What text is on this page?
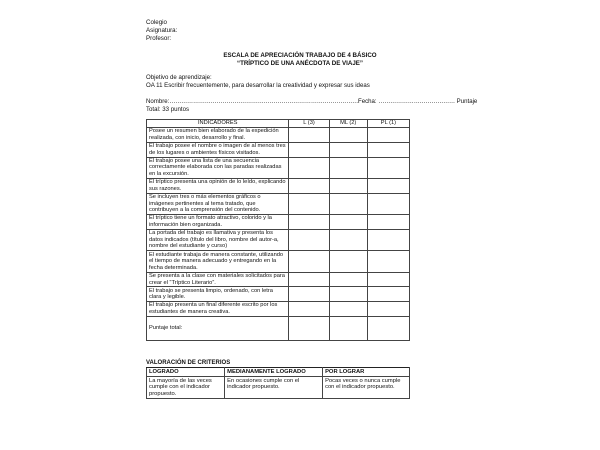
Colegio
Asignatura:
Profesor:
ESCALA DE APRECIACIÓN TRABAJO DE 4 BÁSICO
“TRÍPTICO DE UNA ANÉCDOTA DE VIAJE”
Objetivo de aprendizaje:
OA 11 Escribir frecuentemente, para desarrollar la creatividad y expresar sus ideas
Nombre:……………………………………………………………………………………Fecha: ………………………………… Puntaje
Total: 33 puntos
INDICADORES	L (3)	ML (2)	PL (1)
Posee un resumen bien elaborado de la expedición realizada, con inicio, desarrollo y final.			
El trabajo posee el nombre o imagen de al menos tres de los lugares o ambientes físicos visitados.			
El trabajo posee una lista de una secuencia correctamente elaborada con las paradas realizadas en la excursión.			
El tríptico presenta una opinión de lo leído, explicando sus razones.			
Se incluyen tres o más elementos gráficos o imágenes pertinentes al tema tratado, que contribuyen a la comprensión del contenido.			
El tríptico tiene un formato atractivo, colorido y la información bien organizada.			
La portada del trabajo es llamativa y presenta los datos indicados (título del libro, nombre del autor-a, nombre del estudiante y curso)			
El estudiante trabaja de manera constante, utilizando el tiempo de manera adecuado y entregando en la fecha determinada.			
Se presenta a la clase con materiales solicitados para crear el “Tríptico Literario”.			
El trabajo se presenta limpio, ordenado, con letra clara y legible.			
El trabajo presenta un final diferente escrito por los estudiantes de manera creativa.			
Puntaje total:			
VALORACIÓN DE CRITERIOS
LOGRADO	MEDIANAMENTE LOGRADO	POR LOGRAR
La mayoría de las veces cumple con el indicador propuesto.	En ocasiones cumple con el indicador propuesto.	Pocas veces o nunca cumple con el indicador propuesto.
